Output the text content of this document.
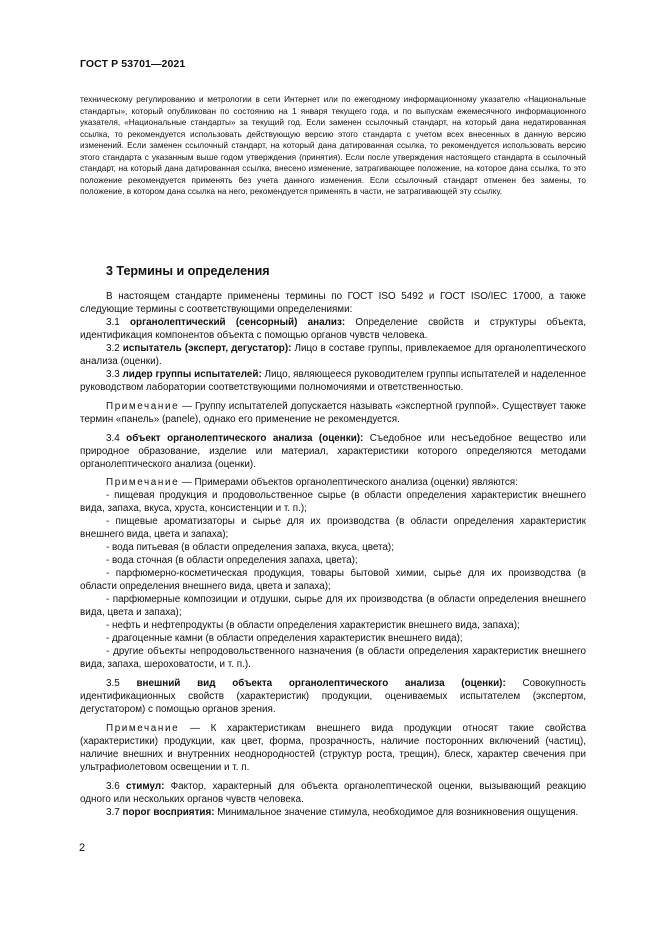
ГОСТ Р 53701—2021

техническому регулированию и метрологии в сети Интернет или по ежегодному информационному указателю «Национальные стандарты», который опубликован по состоянию на 1 января текущего года, и по выпускам ежемесячного информационного указателя, «Национальные стандарты» за текущий год. Если заменен ссылочный стандарт, на который дана недатированная ссылка, то рекомендуется использовать действующую версию этого стандарта с учетом всех внесенных в данную версию изменений. Если заменен ссылочный стандарт, на который дана датированная ссылка, то рекомендуется использовать версию этого стандарта с указанным выше годом утверждения (принятия). Если после утверждения настоящего стандарта в ссылочный стандарт, на который дана датированная ссылка, внесено изменение, затрагивающее положение, на которое дана ссылка, то это положение рекомендуется применять без учета данного изменения. Если ссылочный стандарт отменен без замены, то положение, в котором дана ссылка на него, рекомендуется применять в части, не затрагивающей эту ссылку.

3 Термины и определения

В настоящем стандарте применены термины по ГОСТ ISO 5492 и ГОСТ ISO/IEC 17000, а также следующие термины с соответствующими определениями:

3.1 органолептический (сенсорный) анализ: Определение свойств и структуры объекта, идентификация компонентов объекта с помощью органов чувств человека.

3.2 испытатель (эксперт, дегустатор): Лицо в составе группы, привлекаемое для органолептического анализа (оценки).

3.3 лидер группы испытателей: Лицо, являющееся руководителем группы испытателей и наделенное руководством лаборатории соответствующими полномочиями и ответственностью.

Примечание — Группу испытателей допускается называть «экспертной группой». Существует также термин «панель» (panele), однако его применение не рекомендуется.

3.4 объект органолептического анализа (оценки): Съедобное или несъедобное вещество или природное образование, изделие или материал, характеристики которого определяются методами органолептического анализа (оценки).

Примечание — Примерами объектов органолептического анализа (оценки) являются:

- пищевая продукция и продовольственное сырье (в области определения характеристик внешнего вида, запаха, вкуса, хруста, консистенции и т. п.);

- пищевые ароматизаторы и сырье для их производства (в области определения характеристик внешнего вида, цвета и запаха);

- вода питьевая (в области определения запаха, вкуса, цвета);

- вода сточная (в области определения запаха, цвета);

- парфюмерно-косметическая продукция, товары бытовой химии, сырье для их производства (в области определения внешнего вида, цвета и запаха);

- парфюмерные композиции и отдушки, сырье для их производства (в области определения внешнего вида, цвета и запаха);

- нефть и нефтепродукты (в области определения характеристик внешнего вида, запаха);

- драгоценные камни (в области определения характеристик внешнего вида);

- другие объекты непродовольственного назначения (в области определения характеристик внешнего вида, запаха, шероховатости, и т. п.).

3.5 внешний вид объекта органолептического анализа (оценки): Совокупность идентификационных свойств (характеристик) продукции, оцениваемых испытателем (экспертом, дегустатором) с помощью органов зрения.

Примечание — К характеристикам внешнего вида продукции относят такие свойства (характеристики) продукции, как цвет, форма, прозрачность, наличие посторонних включений (частиц), наличие внешних и внутренних неоднородностей (структур роста, трещин), блеск, характер свечения при ультрафиолетовом освещении и т. п.

3.6 стимул: Фактор, характерный для объекта органолептической оценки, вызывающий реакцию одного или нескольких органов чувств человека.

3.7 порог восприятия: Минимальное значение стимула, необходимое для возникновения ощущения.

2
